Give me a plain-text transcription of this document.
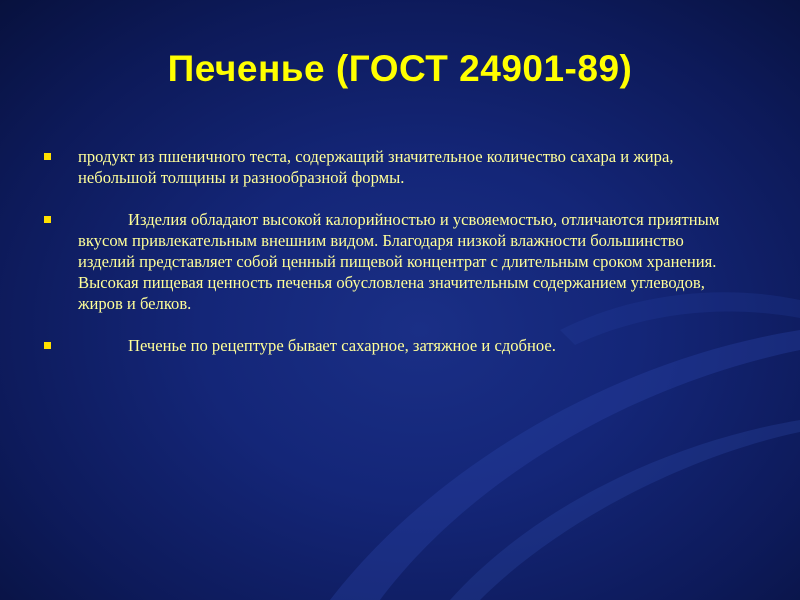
Печенье (ГОСТ 24901-89)
продукт из пшеничного теста, содержащий значительное количество сахара и жира, небольшой толщины и разнообразной формы.
Изделия обладают высокой калорийностью и усвояемостью, отличаются приятным вкусом привлекательным внешним видом. Благодаря низкой влажности большинство изделий представляет собой ценный пищевой концентрат с длительным сроком хранения. Высокая пищевая ценность печенья обусловлена значительным содержанием углеводов, жиров и белков.
Печенье по рецептуре бывает сахарное, затяжное и сдобное.
